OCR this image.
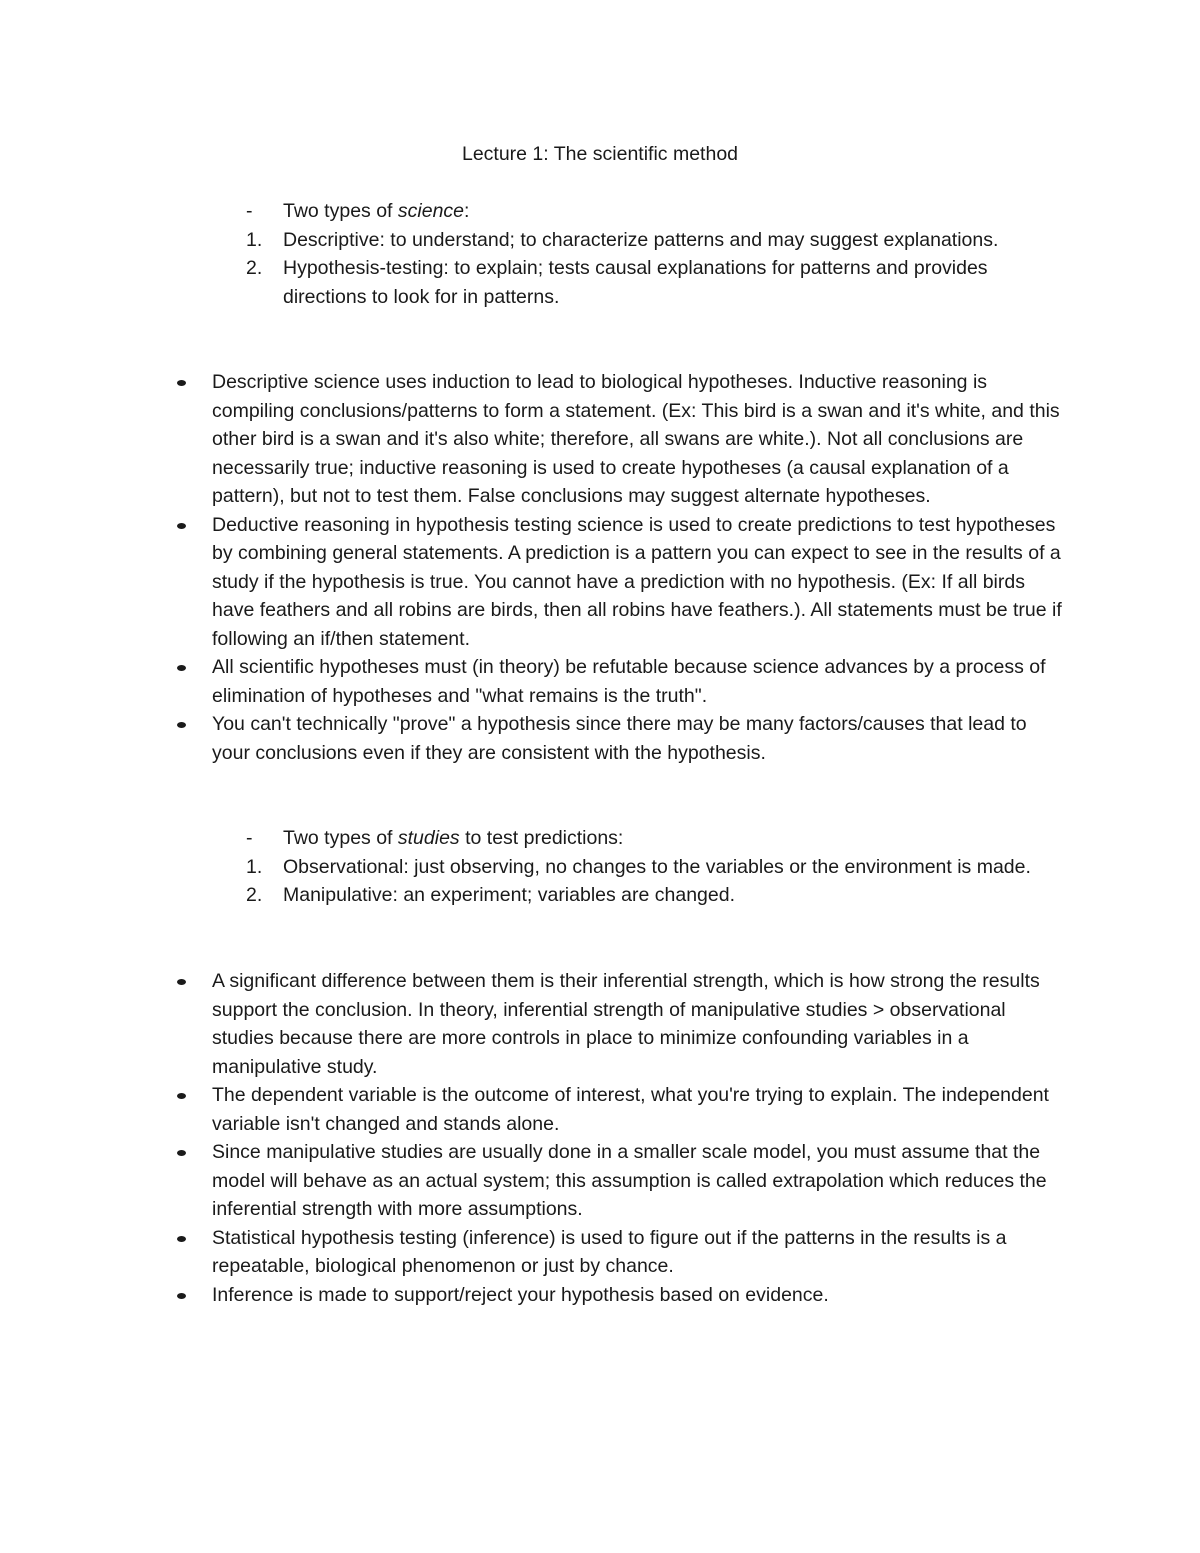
Lecture 1: The scientific method
- Two types of science:
1. Descriptive: to understand; to characterize patterns and may suggest explanations.
2. Hypothesis-testing: to explain; tests causal explanations for patterns and provides directions to look for in patterns.
Descriptive science uses induction to lead to biological hypotheses. Inductive reasoning is compiling conclusions/patterns to form a statement. (Ex: This bird is a swan and it's white, and this other bird is a swan and it's also white; therefore, all swans are white.). Not all conclusions are necessarily true; inductive reasoning is used to create hypotheses (a causal explanation of a pattern), but not to test them. False conclusions may suggest alternate hypotheses.
Deductive reasoning in hypothesis testing science is used to create predictions to test hypotheses by combining general statements. A prediction is a pattern you can expect to see in the results of a study if the hypothesis is true. You cannot have a prediction with no hypothesis. (Ex: If all birds have feathers and all robins are birds, then all robins have feathers.). All statements must be true if following an if/then statement.
All scientific hypotheses must (in theory) be refutable because science advances by a process of elimination of hypotheses and "what remains is the truth".
You can't technically "prove" a hypothesis since there may be many factors/causes that lead to your conclusions even if they are consistent with the hypothesis.
- Two types of studies to test predictions:
1. Observational: just observing, no changes to the variables or the environment is made.
2. Manipulative: an experiment; variables are changed.
A significant difference between them is their inferential strength, which is how strong the results support the conclusion. In theory, inferential strength of manipulative studies > observational studies because there are more controls in place to minimize confounding variables in a manipulative study.
The dependent variable is the outcome of interest, what you're trying to explain. The independent variable isn't changed and stands alone.
Since manipulative studies are usually done in a smaller scale model, you must assume that the model will behave as an actual system; this assumption is called extrapolation which reduces the inferential strength with more assumptions.
Statistical hypothesis testing (inference) is used to figure out if the patterns in the results is a repeatable, biological phenomenon or just by chance.
Inference is made to support/reject your hypothesis based on evidence.
